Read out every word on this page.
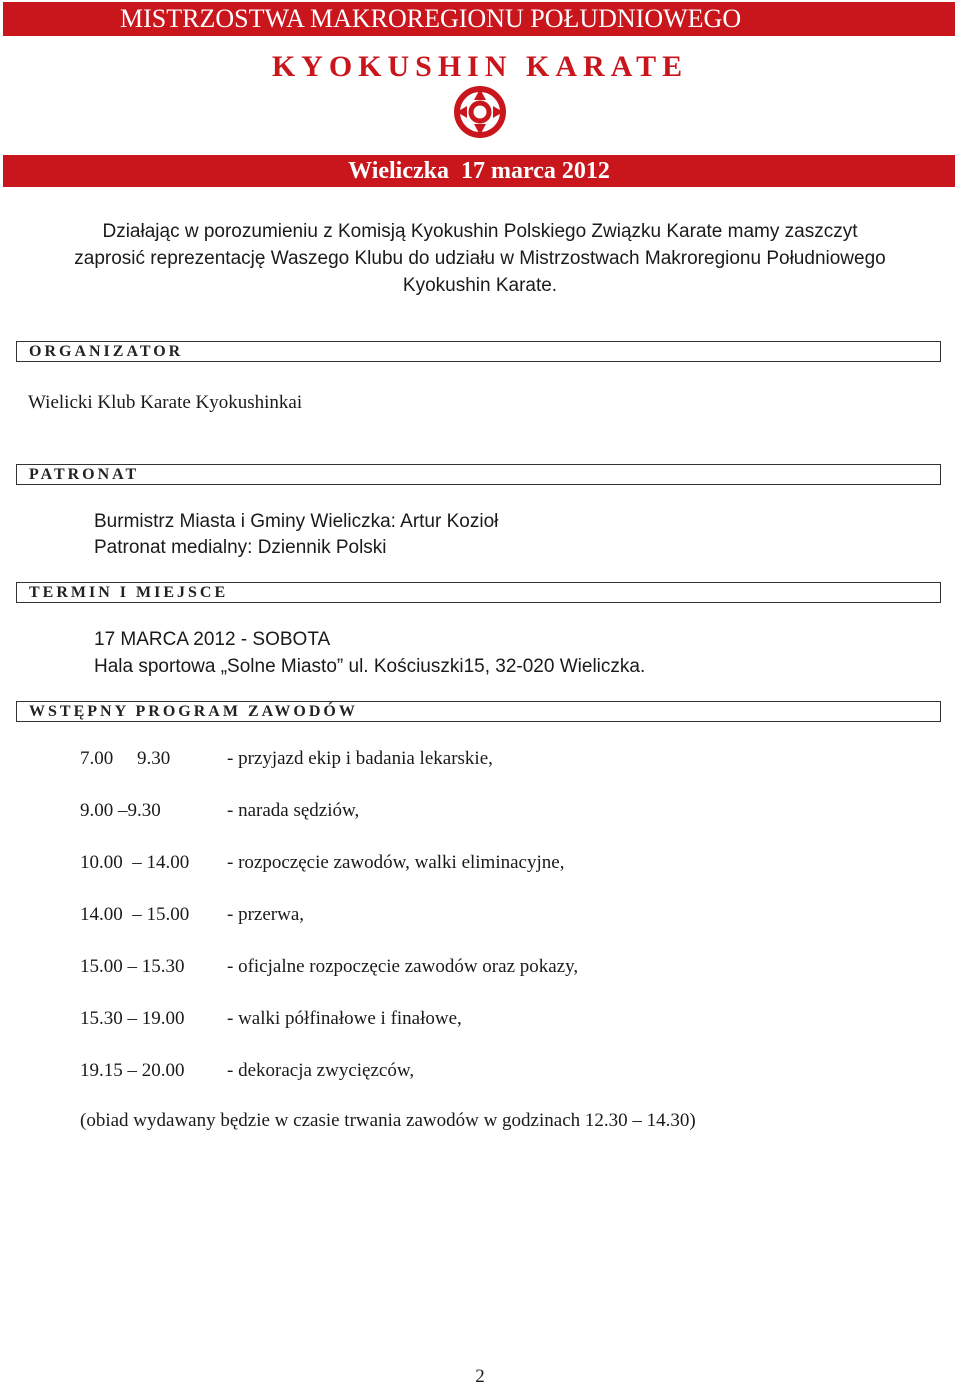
MISTRZOSTWA MAKROREGIONU POŁUDNIOWEGO
KYOKUSHIN KARATE
Wieliczka  17 marca 2012
Działając w porozumieniu z Komisją Kyokushin Polskiego Związku Karate mamy zaszczyt
zaprosić reprezentację Waszego Klubu do udziału w Mistrzostwach Makroregionu Południowego
Kyokushin Karate.
ORGANIZATOR
Wielicki Klub Karate Kyokushinkai
PATRONAT
Burmistrz Miasta i Gminy Wieliczka: Artur Kozioł
Patronat medialny: Dziennik Polski
TERMIN I MIEJSCE
17 MARCA 2012 - SOBOTA
Hala sportowa „Solne Miasto” ul. Kościuszki15, 32-020 Wieliczka.
WSTĘPNY PROGRAM ZAWODÓW
7.00     9.30	- przyjazd ekip i badania lekarskie,
9.00 –9.30	- narada sędziów,
10.00  – 14.00 - rozpoczęcie zawodów, walki eliminacyjne,
14.00  – 15.00 - przerwa,
15.00 – 15.30 - oficjalne rozpoczęcie zawodów oraz pokazy,
15.30 – 19.00 - walki półfinałowe i finałowe,
19.15 – 20.00 - dekoracja zwycięzców,
(obiad wydawany będzie w czasie trwania zawodów w godzinach 12.30 – 14.30)
2
